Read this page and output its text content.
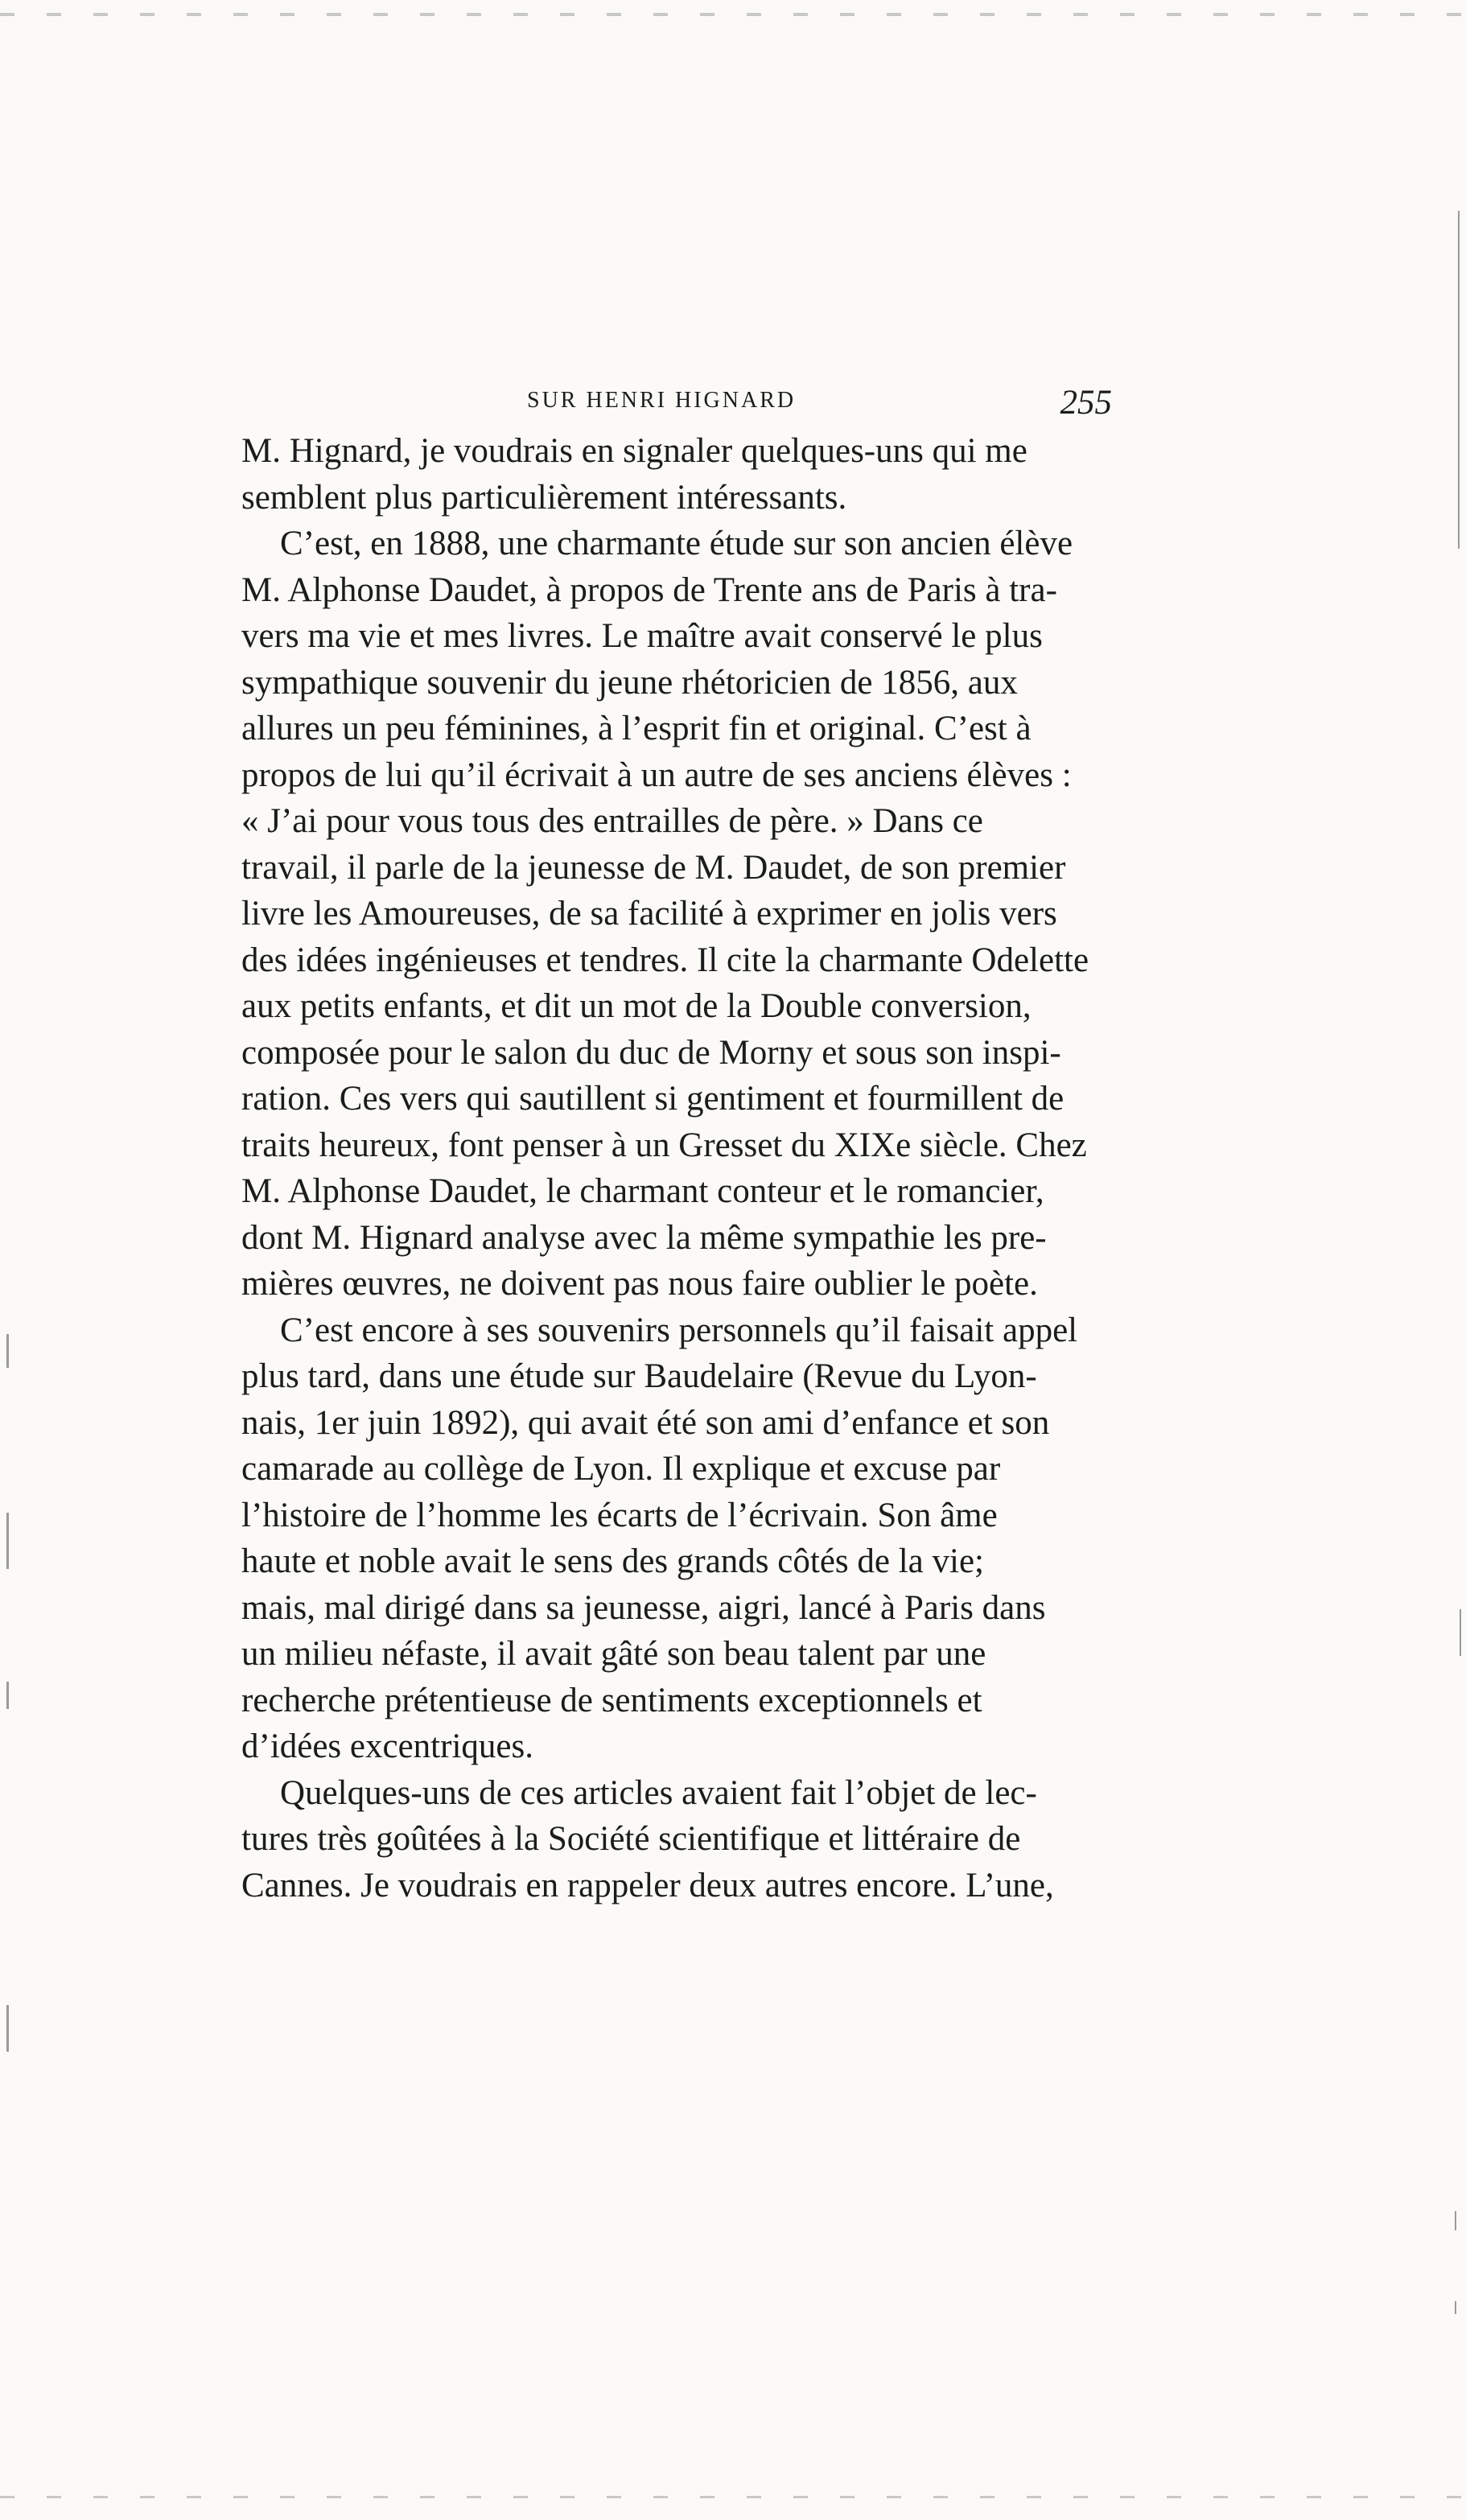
SUR HENRI HIGNARD	255
M. Hignard, je voudrais en signaler quelques-uns qui me
semblent plus particulièrement intéressants.
C’est, en 1888, une charmante étude sur son ancien élève
M. Alphonse Daudet, à propos de Trente ans de Paris à tra-
vers ma vie et mes livres. Le maître avait conservé le plus
sympathique souvenir du jeune rhétoricien de 1856, aux
allures un peu féminines, à l’esprit fin et original. C’est à
propos de lui qu’il écrivait à un autre de ses anciens élèves :
« J’ai pour vous tous des entrailles de père. » Dans ce
travail, il parle de la jeunesse de M. Daudet, de son premier
livre les Amoureuses, de sa facilité à exprimer en jolis vers
des idées ingénieuses et tendres. Il cite la charmante Odelette
aux petits enfants, et dit un mot de la Double conversion,
composée pour le salon du duc de Morny et sous son inspi-
ration. Ces vers qui sautillent si gentiment et fourmillent de
traits heureux, font penser à un Gresset du XIXe siècle. Chez
M. Alphonse Daudet, le charmant conteur et le romancier,
dont M. Hignard analyse avec la même sympathie les pre-
mières œuvres, ne doivent pas nous faire oublier le poète.
C’est encore à ses souvenirs personnels qu’il faisait appel
plus tard, dans une étude sur Baudelaire (Revue du Lyon-
nais, 1er juin 1892), qui avait été son ami d’enfance et son
camarade au collège de Lyon. Il explique et excuse par
l’histoire de l’homme les écarts de l’écrivain. Son âme
haute et noble avait le sens des grands côtés de la vie;
mais, mal dirigé dans sa jeunesse, aigri, lancé à Paris dans
un milieu néfaste, il avait gâté son beau talent par une
recherche prétentieuse de sentiments exceptionnels et
d’idées excentriques.
Quelques-uns de ces articles avaient fait l’objet de lec-
tures très goûtées à la Société scientifique et littéraire de
Cannes. Je voudrais en rappeler deux autres encore. L’une,
